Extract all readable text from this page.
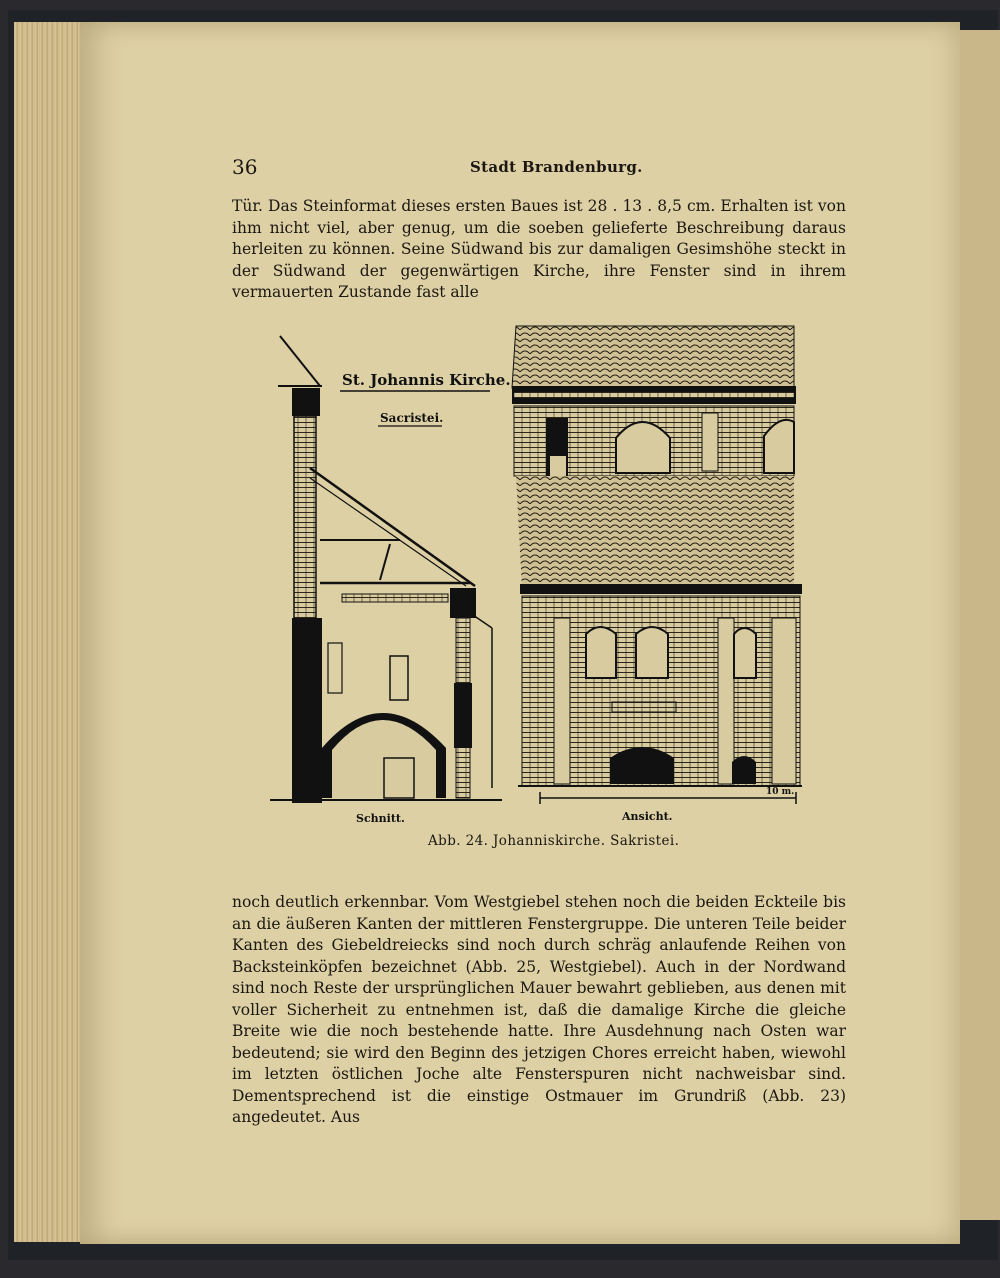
36	Stadt Brandenburg.

Tür. Das Steinformat dieses ersten Baues ist 28 . 13 . 8,5 cm. Erhalten ist von ihm nicht viel, aber genug, um die soeben gelieferte Beschreibung daraus herleiten zu können. Seine Südwand bis zur damaligen Gesimshöhe steckt in der Südwand der gegenwärtigen Kirche, ihre Fenster sind in ihrem vermauerten Zustande fast alle

St. Johannis Kirche.
Sacristei.
Schnitt.
10 m.
Ansicht.
Abb. 24. Johanniskirche. Sakristei.

noch deutlich erkennbar. Vom Westgiebel stehen noch die beiden Eckteile bis an die äußeren Kanten der mittleren Fenstergruppe. Die unteren Teile beider Kanten des Giebeldreiecks sind noch durch schräg anlaufende Reihen von Backsteinköpfen bezeichnet (Abb. 25, Westgiebel). Auch in der Nordwand sind noch Reste der ursprünglichen Mauer bewahrt geblieben, aus denen mit voller Sicherheit zu entnehmen ist, daß die damalige Kirche die gleiche Breite wie die noch bestehende hatte. Ihre Ausdehnung nach Osten war bedeutend; sie wird den Beginn des jetzigen Chores erreicht haben, wiewohl im letzten östlichen Joche alte Fensterspuren nicht nachweisbar sind. Dementsprechend ist die einstige Ostmauer im Grundriß (Abb. 23) angedeutet. Aus
